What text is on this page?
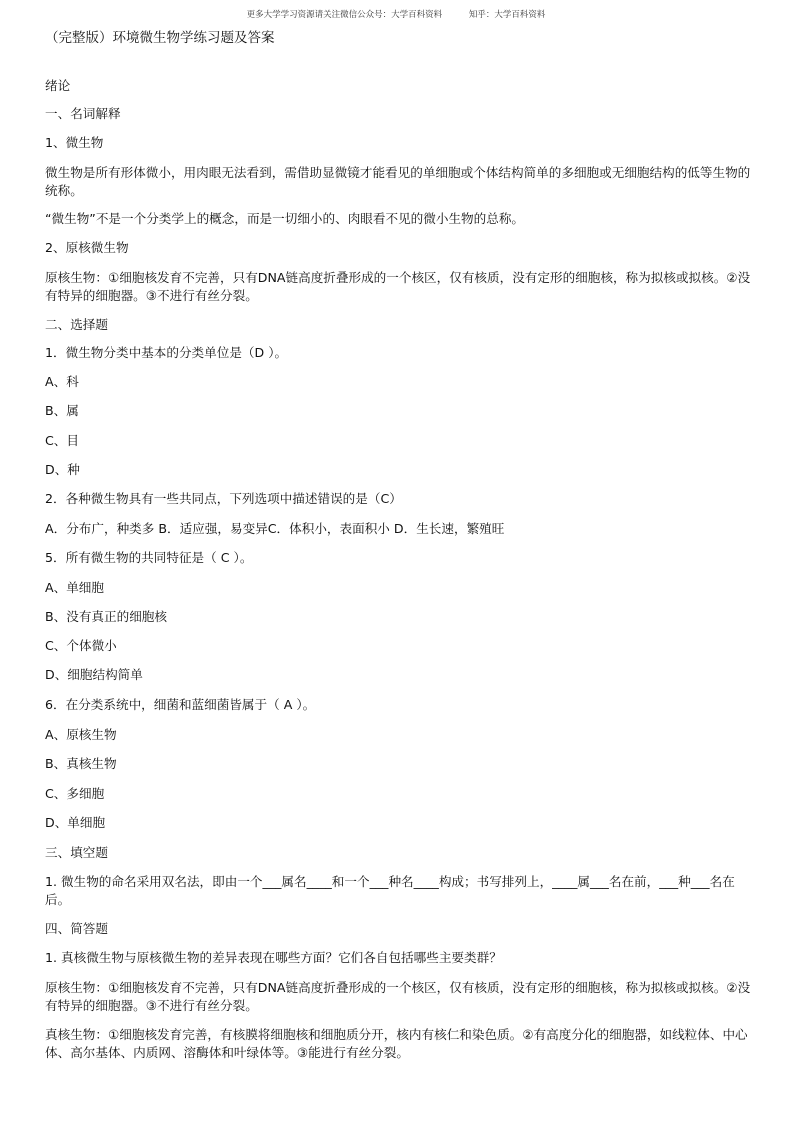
更多大学学习资源请关注微信公众号：大学百科资料	知乎：大学百科资料
（完整版）环境微生物学练习题及答案
绪论
一、名词解释
1、微生物
微生物是所有形体微小，用肉眼无法看到，需借助显微镜才能看见的单细胞或个体结构简单的多细胞或无细胞结构的低等生物的统称。
“微生物”不是一个分类学上的概念，而是一切细小的、肉眼看不见的微小生物的总称。
2、原核微生物
原核生物：①细胞核发育不完善，只有DNA链高度折叠形成的一个核区，仅有核质，没有定形的细胞核，称为拟核或拟核。②没有特异的细胞器。③不进行有丝分裂。
二、选择题
1．微生物分类中基本的分类单位是（D ）。
A、科
B、属
C、目
D、种
2．各种微生物具有一些共同点，下列选项中描述错误的是（C）
A．分布广，种类多 B．适应强，易变异C．体积小，表面积小 D．生长速，繁殖旺
5．所有微生物的共同特征是（ C ）。
A、单细胞
B、没有真正的细胞核
C、个体微小
D、细胞结构简单
6．在分类系统中，细菌和蓝细菌皆属于（ A ）。
A、原核生物
B、真核生物
C、多细胞
D、单细胞
三、填空题
1. 微生物的命名采用双名法，即由一个___属名____和一个___种名____构成；书写排列上，____属___名在前，___种___名在后。
四、简答题
1. 真核微生物与原核微生物的差异表现在哪些方面？它们各自包括哪些主要类群？
原核生物：①细胞核发育不完善，只有DNA链高度折叠形成的一个核区，仅有核质，没有定形的细胞核，称为拟核或拟核。②没有特异的细胞器。③不进行有丝分裂。
真核生物：①细胞核发育完善，有核膜将细胞核和细胞质分开，核内有核仁和染色质。②有高度分化的细胞器，如线粒体、中心体、高尔基体、内质网、溶酶体和叶绿体等。③能进行有丝分裂。
